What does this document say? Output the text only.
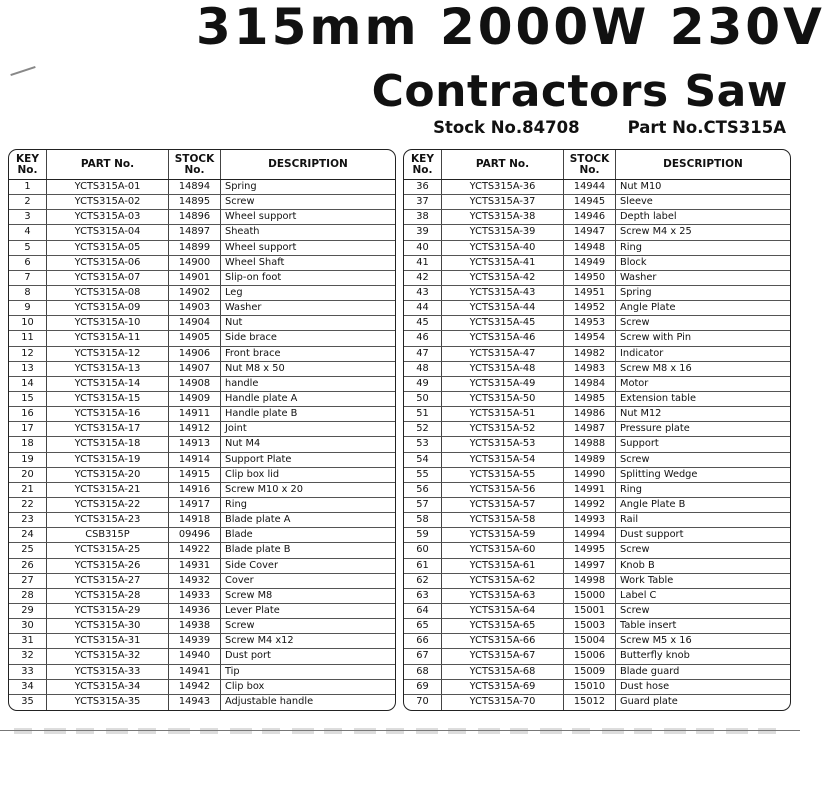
315mm 2000W 230V
Contractors Saw
Stock No.84708	Part No.CTS315A
KEY No.	PART No.	STOCK No.	DESCRIPTION
1	YCTS315A-01	14894	Spring
2	YCTS315A-02	14895	Screw
3	YCTS315A-03	14896	Wheel support
4	YCTS315A-04	14897	Sheath
5	YCTS315A-05	14899	Wheel support
6	YCTS315A-06	14900	Wheel Shaft
7	YCTS315A-07	14901	Slip-on foot
8	YCTS315A-08	14902	Leg
9	YCTS315A-09	14903	Washer
10	YCTS315A-10	14904	Nut
11	YCTS315A-11	14905	Side brace
12	YCTS315A-12	14906	Front brace
13	YCTS315A-13	14907	Nut M8 x 50
14	YCTS315A-14	14908	handle
15	YCTS315A-15	14909	Handle plate A
16	YCTS315A-16	14911	Handle plate B
17	YCTS315A-17	14912	Joint
18	YCTS315A-18	14913	Nut M4
19	YCTS315A-19	14914	Support Plate
20	YCTS315A-20	14915	Clip box lid
21	YCTS315A-21	14916	Screw M10 x 20
22	YCTS315A-22	14917	Ring
23	YCTS315A-23	14918	Blade plate A
24	CSB315P	09496	Blade
25	YCTS315A-25	14922	Blade plate B
26	YCTS315A-26	14931	Side Cover
27	YCTS315A-27	14932	Cover
28	YCTS315A-28	14933	Screw M8
29	YCTS315A-29	14936	Lever Plate
30	YCTS315A-30	14938	Screw
31	YCTS315A-31	14939	Screw M4 x12
32	YCTS315A-32	14940	Dust port
33	YCTS315A-33	14941	Tip
34	YCTS315A-34	14942	Clip box
35	YCTS315A-35	14943	Adjustable handle
KEY No.	PART No.	STOCK No.	DESCRIPTION
36	YCTS315A-36	14944	Nut M10
37	YCTS315A-37	14945	Sleeve
38	YCTS315A-38	14946	Depth label
39	YCTS315A-39	14947	Screw M4 x 25
40	YCTS315A-40	14948	Ring
41	YCTS315A-41	14949	Block
42	YCTS315A-42	14950	Washer
43	YCTS315A-43	14951	Spring
44	YCTS315A-44	14952	Angle Plate
45	YCTS315A-45	14953	Screw
46	YCTS315A-46	14954	Screw with Pin
47	YCTS315A-47	14982	Indicator
48	YCTS315A-48	14983	Screw M8 x 16
49	YCTS315A-49	14984	Motor
50	YCTS315A-50	14985	Extension table
51	YCTS315A-51	14986	Nut M12
52	YCTS315A-52	14987	Pressure plate
53	YCTS315A-53	14988	Support
54	YCTS315A-54	14989	Screw
55	YCTS315A-55	14990	Splitting Wedge
56	YCTS315A-56	14991	Ring
57	YCTS315A-57	14992	Angle Plate B
58	YCTS315A-58	14993	Rail
59	YCTS315A-59	14994	Dust support
60	YCTS315A-60	14995	Screw
61	YCTS315A-61	14997	Knob B
62	YCTS315A-62	14998	Work Table
63	YCTS315A-63	15000	Label C
64	YCTS315A-64	15001	Screw
65	YCTS315A-65	15003	Table insert
66	YCTS315A-66	15004	Screw M5 x 16
67	YCTS315A-67	15006	Butterfly knob
68	YCTS315A-68	15009	Blade guard
69	YCTS315A-69	15010	Dust hose
70	YCTS315A-70	15012	Guard plate
